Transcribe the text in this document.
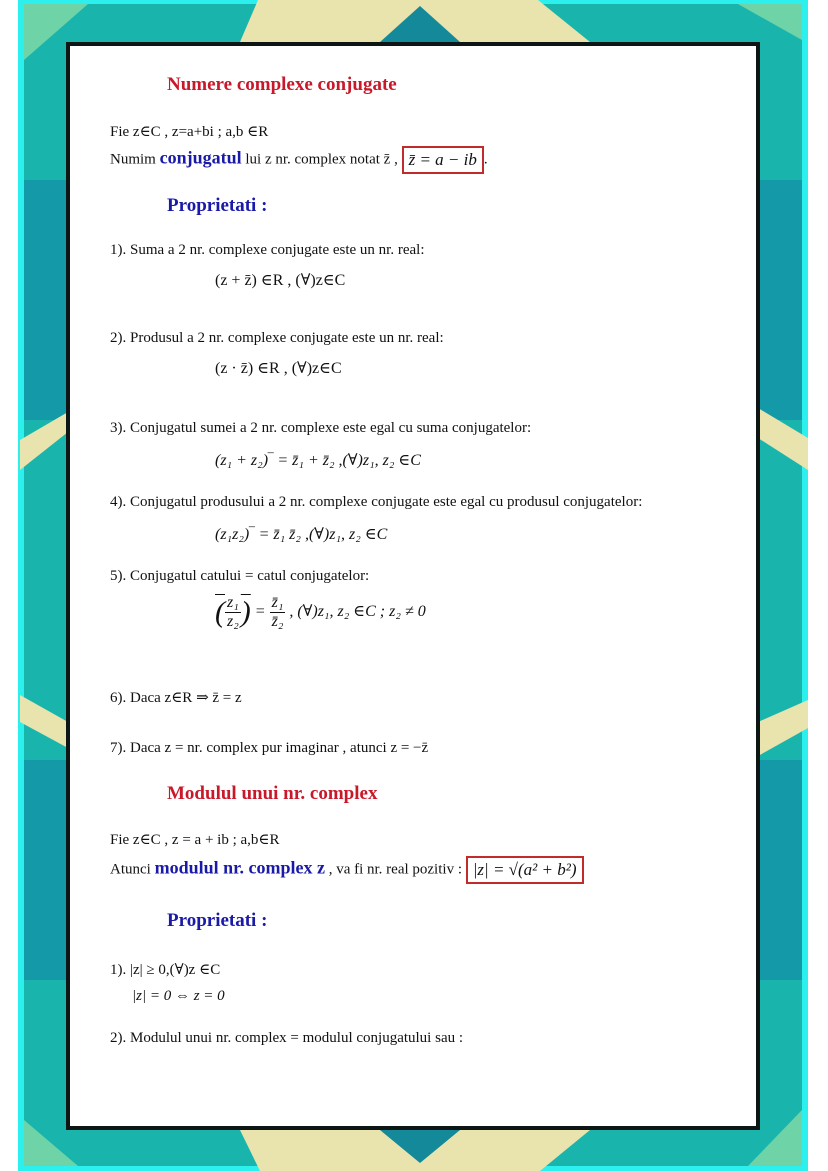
Numere complexe conjugate
Fie z∈C , z=a+bi ; a,b ∈R
Numim conjugatul lui z nr. complex notat z̄ , z̄ = a − ib .
Proprietati :
1). Suma a 2 nr. complexe conjugate este un nr. real:
(z + z̄) ∈R , (∀)z∈C
2). Produsul a 2 nr. complexe conjugate este un nr. real:
(z · z̄) ∈R , (∀)z∈C
3). Conjugatul sumei a 2 nr. complexe este egal cu suma conjugatelor:
(z₁ + z₂)‾ = z̄₁ + z̄₂ ,(∀)z₁, z₂ ∈C
4). Conjugatul produsului a 2 nr. complexe conjugate este egal cu produsul conjugatelor:
(z₁z₂)‾ = z̄₁ z̄₂ ,(∀)z₁, z₂ ∈C
5). Conjugatul catului = catul conjugatelor:
( $\frac{\text{z₁}}{\text{z₂}}$ ) = $\frac{\text{z̄₁}}{\text{z̄₂}}$ , (∀)z₁, z₂ ∈C ; z₂ ≠ 0
6). Daca z∈R ⇒ z̄ = z
7). Daca z = nr. complex pur imaginar , atunci z = −z̄
Modulul unui nr. complex
Fie z∈C , z = a + ib ; a,b∈R
Atunci modulul nr. complex z , va fi nr. real pozitiv : |z| = √(a² + b²)
Proprietati :
1). |z| ≥ 0,(∀)z ∈C
|z| = 0 ⇔ z = 0
2). Modulul unui nr. complex = modulul conjugatului sau :
